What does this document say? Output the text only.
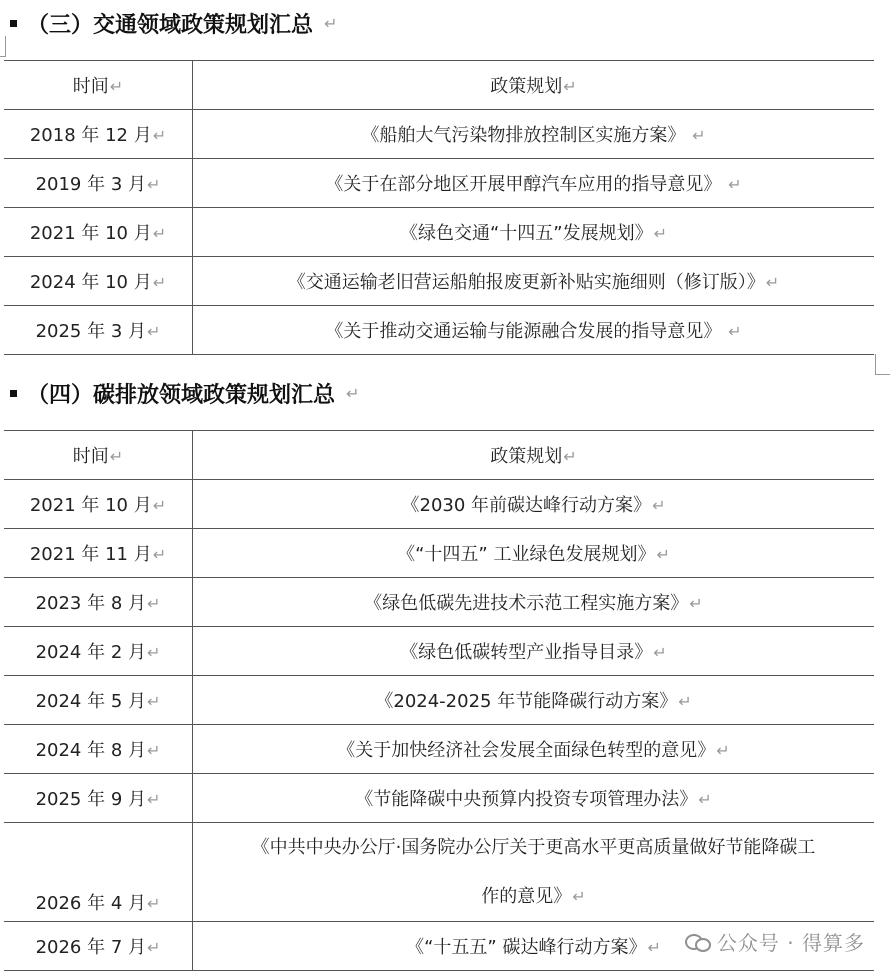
（三）交通领域政策规划汇总 ↵
时间↵	政策规划↵
2018 年 12 月↵	《船舶大气污染物排放控制区实施方案》 ↵
2019 年 3 月↵	《关于在部分地区开展甲醇汽车应用的指导意见》 ↵
2021 年 10 月↵	《绿色交通“十四五”发展规划》↵
2024 年 10 月↵	《交通运输老旧营运船舶报废更新补贴实施细则（修订版）》↵
2025 年 3 月↵	《关于推动交通运输与能源融合发展的指导意见》 ↵
（四）碳排放领域政策规划汇总 ↵
时间↵	政策规划↵
2021 年 10 月↵	《2030 年前碳达峰行动方案》↵
2021 年 11 月↵	《“十四五” 工业绿色发展规划》↵
2023 年 8 月↵	《绿色低碳先进技术示范工程实施方案》↵
2024 年 2 月↵	《绿色低碳转型产业指导目录》↵
2024 年 5 月↵	《2024-2025 年节能降碳行动方案》↵
2024 年 8 月↵	《关于加快经济社会发展全面绿色转型的意见》↵
2025 年 9 月↵	《节能降碳中央预算内投资专项管理办法》↵
2026 年 4 月↵	《中共中央办公厅·国务院办公厅关于更高水平更高质量做好节能降碳工
作的意见》↵

2026 年 7 月↵	《“十五五” 碳达峰行动方案》↵	公众号 · 得算多
